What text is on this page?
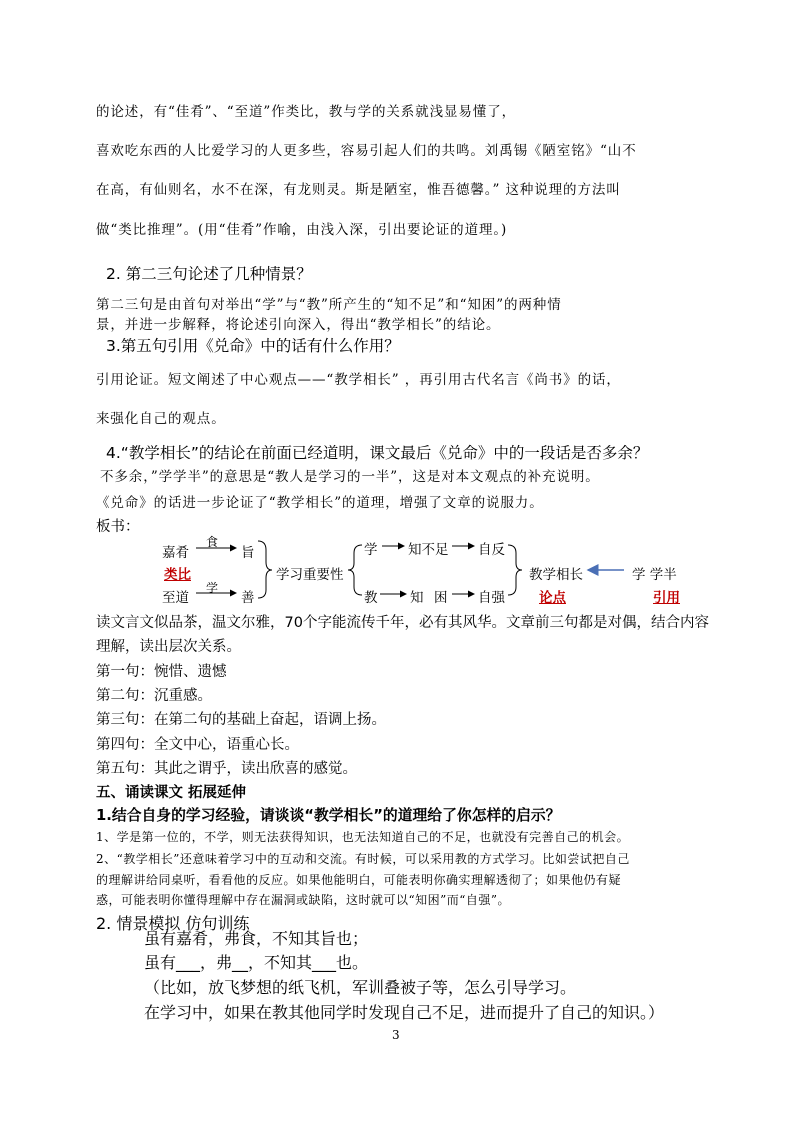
的论述，有“佳肴”、“至道”作类比，教与学的关系就浅显易懂了，
喜欢吃东西的人比爱学习的人更多些，容易引起人们的共鸣。刘禹锡《陋室铭》“山不
在高，有仙则名，水不在深，有龙则灵。斯是陋室，惟吾德馨。” 这种说理的方法叫
做“类比推理”。(用“佳肴”作喻，由浅入深，引出要论证的道理。)
2. 第二三句论述了几种情景？
第二三句是由首句对举出“学”与“教”所产生的“知不足”和“知困”的两种情
景，并进一步解释，将论述引向深入，得出“教学相长”的结论。
3.第五句引用《兑命》中的话有什么作用？
引用论证。短文阐述了中心观点——“教学相长” ，再引用古代名言《尚书》的话，
来强化自己的观点。
4.“教学相长”的结论在前面已经道明，课文最后《兑命》中的一段话是否多余？
不多余，”学学半”的意思是“教人是学习的一半”，这是对本文观点的补充说明。
《兑命》的话进一步论证了“教学相长”的道理，增强了文章的说服力。
板书：
嘉肴
食
旨
类比
学
至道	善
学习重要性
学 知不足 自反
教 知 困 自强
教学相长
论点
学 学半
引用
读文言文似品茶，温文尔雅，70个字能流传千年，必有其风华。文章前三句都是对偶，结合内容
理解，读出层次关系。
第一句：惋惜、遗憾
第二句：沉重感。
第三句：在第二句的基础上奋起，语调上扬。
第四句：全文中心，语重心长。
第五句：其此之谓乎，读出欣喜的感觉。
五、诵读课文 拓展延伸
1.结合自身的学习经验，请谈谈“教学相长”的道理给了你怎样的启示？
1、学是第一位的，不学，则无法获得知识，也无法知道自己的不足，也就没有完善自己的机会。
2、“教学相长”还意味着学习中的互动和交流。有时候，可以采用教的方式学习。比如尝试把自己
的理解讲给同桌听，看看他的反应。如果他能明白，可能表明你确实理解透彻了；如果他仍有疑
惑，可能表明你懂得理解中存在漏洞或缺陷，这时就可以“知困”而“自强”。
2. 情景模拟 仿句训练
虽有嘉肴，弗食，不知其旨也；
虽有___，弗__，不知其___也。
（比如，放飞梦想的纸飞机，军训叠被子等，怎么引导学习。
在学习中，如果在教其他同学时发现自己不足，进而提升了自己的知识。）
3
